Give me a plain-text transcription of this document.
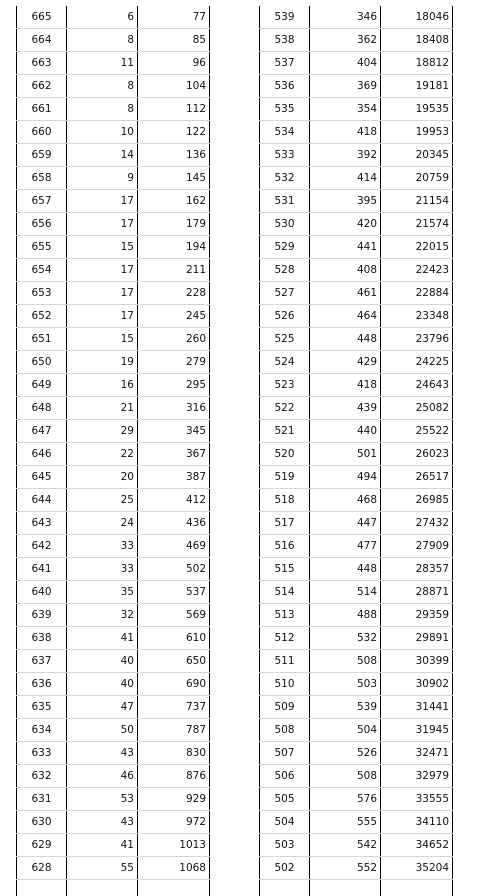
665	6	77
664	8	85
663	11	96
662	8	104
661	8	112
660	10	122
659	14	136
658	9	145
657	17	162
656	17	179
655	15	194
654	17	211
653	17	228
652	17	245
651	15	260
650	19	279
649	16	295
648	21	316
647	29	345
646	22	367
645	20	387
644	25	412
643	24	436
642	33	469
641	33	502
640	35	537
639	32	569
638	41	610
637	40	650
636	40	690
635	47	737
634	50	787
633	43	830
632	46	876
631	53	929
630	43	972
629	41	1013
628	55	1068

539	346	18046
538	362	18408
537	404	18812
536	369	19181
535	354	19535
534	418	19953
533	392	20345
532	414	20759
531	395	21154
530	420	21574
529	441	22015
528	408	22423
527	461	22884
526	464	23348
525	448	23796
524	429	24225
523	418	24643
522	439	25082
521	440	25522
520	501	26023
519	494	26517
518	468	26985
517	447	27432
516	477	27909
515	448	28357
514	514	28871
513	488	29359
512	532	29891
511	508	30399
510	503	30902
509	539	31441
508	504	31945
507	526	32471
506	508	32979
505	576	33555
504	555	34110
503	542	34652
502	552	35204
